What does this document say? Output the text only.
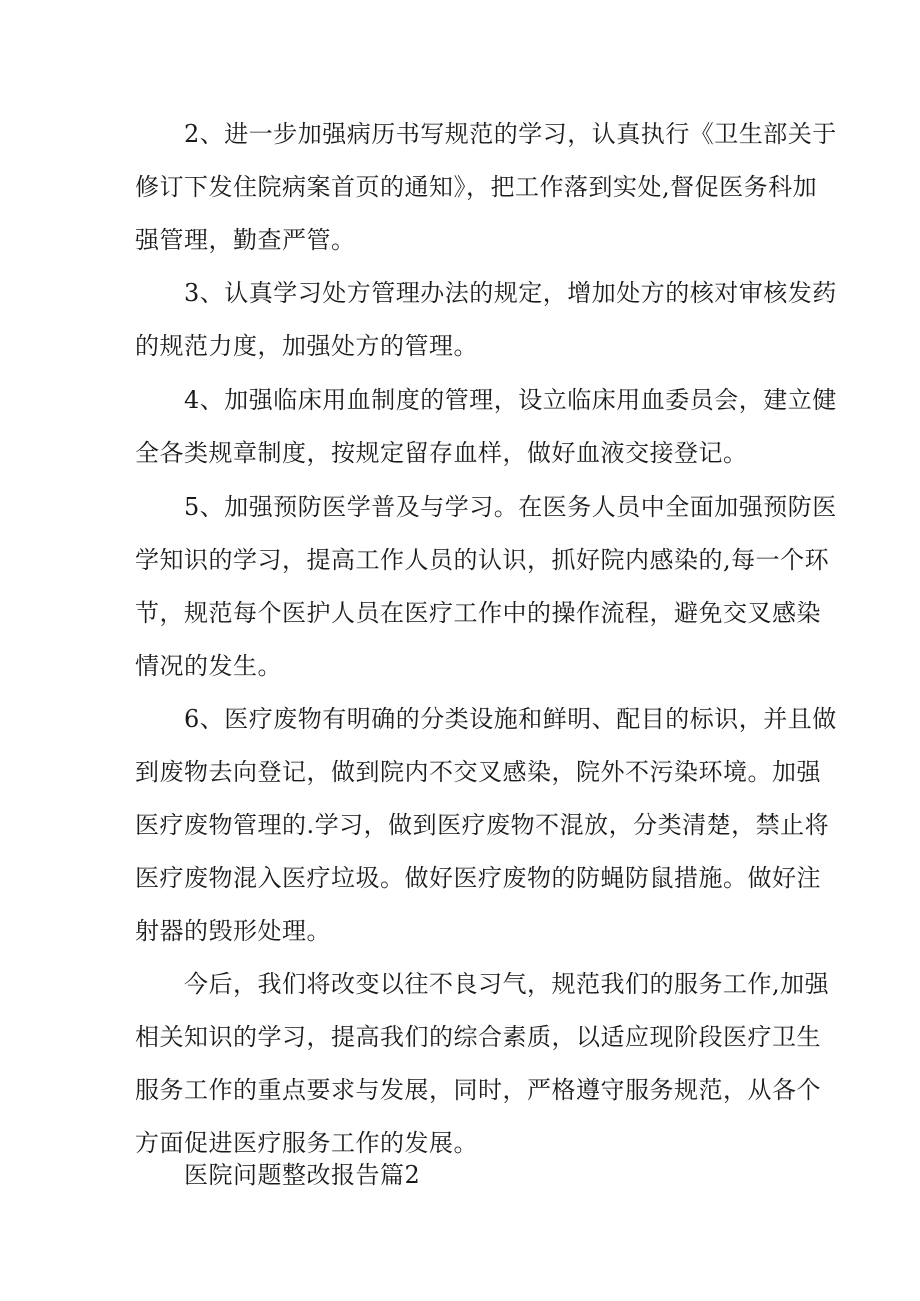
2、进一步加强病历书写规范的学习，认真执行《卫生部关于
修订下发住院病案首页的通知》，把工作落到实处,督促医务科加
强管理，勤查严管。
3、认真学习处方管理办法的规定，增加处方的核对审核发药
的规范力度，加强处方的管理。
4、加强临床用血制度的管理，设立临床用血委员会，建立健
全各类规章制度，按规定留存血样，做好血液交接登记。
5、加强预防医学普及与学习。在医务人员中全面加强预防医
学知识的学习，提高工作人员的认识，抓好院内感染的,每一个环
节，规范每个医护人员在医疗工作中的操作流程，避免交叉感染
情况的发生。
6、医疗废物有明确的分类设施和鲜明、配目的标识，并且做
到废物去向登记，做到院内不交叉感染，院外不污染环境。加强
医疗废物管理的.学习，做到医疗废物不混放，分类清楚，禁止将
医疗废物混入医疗垃圾。做好医疗废物的防蝇防鼠措施。做好注
射器的毁形处理。
今后，我们将改变以往不良习气，规范我们的服务工作,加强
相关知识的学习，提高我们的综合素质，以适应现阶段医疗卫生
服务工作的重点要求与发展，同时，严格遵守服务规范，从各个
方面促进医疗服务工作的发展。
医院问题整改报告篇2
